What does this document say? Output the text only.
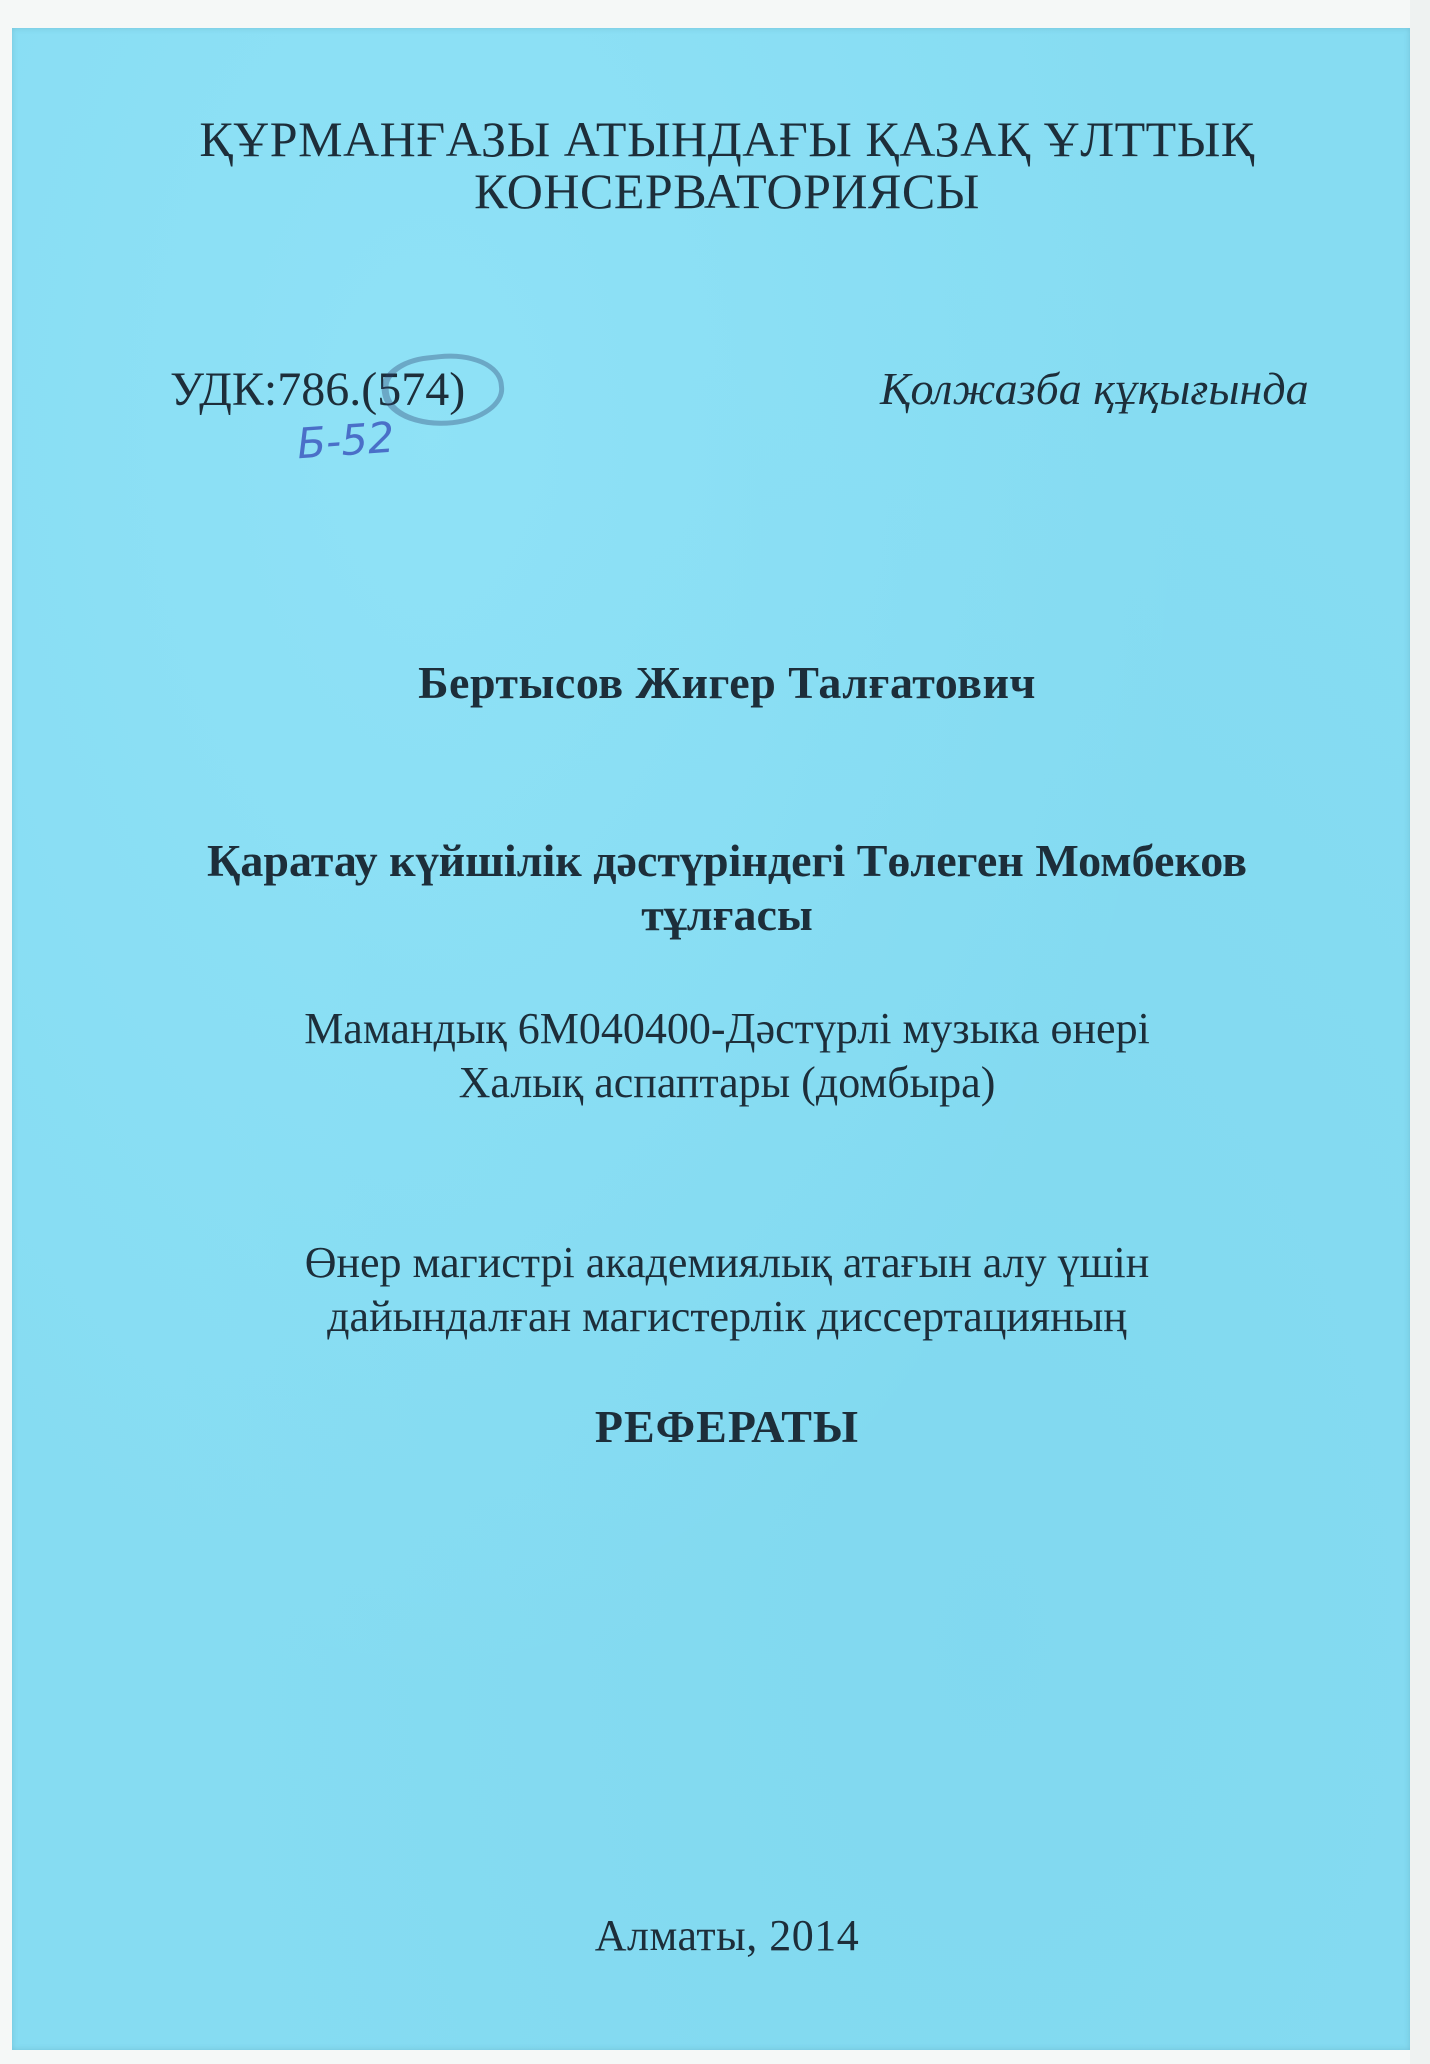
ҚҰРМАНҒАЗЫ АТЫНДАҒЫ ҚАЗАҚ ҰЛТТЫҚ
КОНСЕРВАТОРИЯСЫ
УДК:786.(574)
Б-52
Қолжазба құқығында
Бертысов Жигер Талғатович
Қаратау күйшілік дәстүріндегі Төлеген Момбеков
тұлғасы
Мамандық 6М040400-Дәстүрлі музыка өнері
Халық аспаптары (домбыра)
Өнер магистрі академиялық атағын алу үшін
дайындалған магистерлік диссертацияның
РЕФЕРАТЫ
Алматы, 2014
